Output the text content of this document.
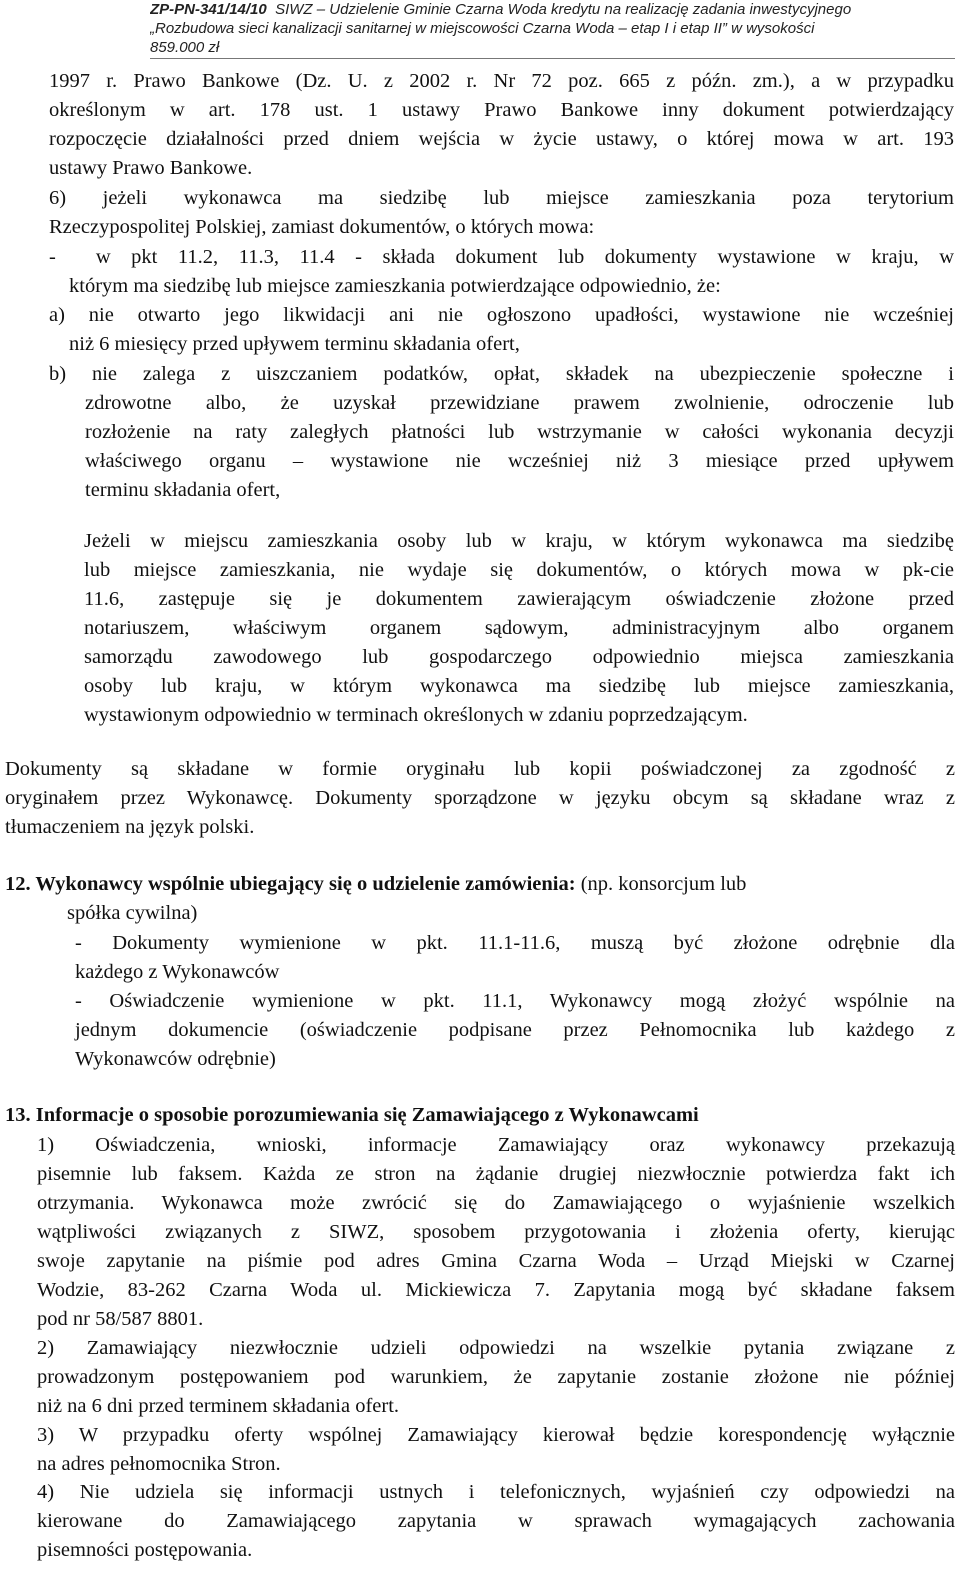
ZP-PN-341/14/10 SIWZ – Udzielenie Gminie Czarna Woda kredytu na realizację zadania inwestycyjnego
„Rozbudowa sieci kanalizacji sanitarnej w miejscowości Czarna Woda – etap I i etap II” w wysokości
859.000 zł
1997 r. Prawo Bankowe (Dz. U. z 2002 r. Nr 72 poz. 665 z późn. zm.), a w przypadku
określonym w art. 178 ust. 1 ustawy Prawo Bankowe inny dokument potwierdzający
rozpoczęcie działalności przed dniem wejścia w życie ustawy, o której mowa w art. 193
ustawy Prawo Bankowe.
6) jeżeli wykonawca ma siedzibę lub miejsce zamieszkania poza terytorium
Rzeczypospolitej Polskiej, zamiast dokumentów, o których mowa:
- w pkt 11.2, 11.3, 11.4 - składa dokument lub dokumenty wystawione w kraju, w
którym ma siedzibę lub miejsce zamieszkania potwierdzające odpowiednio, że:
a) nie otwarto jego likwidacji ani nie ogłoszono upadłości, wystawione nie wcześniej
niż 6 miesięcy przed upływem terminu składania ofert,
b) nie zalega z uiszczaniem podatków, opłat, składek na ubezpieczenie społeczne i
zdrowotne albo, że uzyskał przewidziane prawem zwolnienie, odroczenie lub
rozłożenie na raty zaległych płatności lub wstrzymanie w całości wykonania decyzji
właściwego organu – wystawione nie wcześniej niż 3 miesiące przed upływem
terminu składania ofert,
Jeżeli w miejscu zamieszkania osoby lub w kraju, w którym wykonawca ma siedzibę
lub miejsce zamieszkania, nie wydaje się dokumentów, o których mowa w pk-cie
11.6, zastępuje się je dokumentem zawierającym oświadczenie złożone przed
notariuszem, właściwym organem sądowym, administracyjnym albo organem
samorządu zawodowego lub gospodarczego odpowiednio miejsca zamieszkania
osoby lub kraju, w którym wykonawca ma siedzibę lub miejsce zamieszkania,
wystawionym odpowiednio w terminach określonych w zdaniu poprzedzającym.
Dokumenty są składane w formie oryginału lub kopii poświadczonej za zgodność z
oryginałem przez Wykonawcę. Dokumenty sporządzone w języku obcym są składane wraz z
tłumaczeniem na język polski.
12. Wykonawcy wspólnie ubiegający się o udzielenie zamówienia: (np. konsorcjum lub
spółka cywilna)
- Dokumenty wymienione w pkt. 11.1-11.6, muszą być złożone odrębnie dla
każdego z Wykonawców
- Oświadczenie wymienione w pkt. 11.1, Wykonawcy mogą złożyć wspólnie na
jednym dokumencie (oświadczenie podpisane przez Pełnomocnika lub każdego z
Wykonawców odrębnie)
13. Informacje o sposobie porozumiewania się Zamawiającego z Wykonawcami
1) Oświadczenia, wnioski, informacje Zamawiający oraz wykonawcy przekazują
pisemnie lub faksem. Każda ze stron na żądanie drugiej niezwłocznie potwierdza fakt ich
otrzymania. Wykonawca może zwrócić się do Zamawiającego o wyjaśnienie wszelkich
wątpliwości związanych z SIWZ, sposobem przygotowania i złożenia oferty, kierując
swoje zapytanie na piśmie pod adres Gmina Czarna Woda – Urząd Miejski w Czarnej
Wodzie, 83-262 Czarna Woda ul. Mickiewicza 7. Zapytania mogą być składane faksem
pod nr 58/587 8801.
2) Zamawiający niezwłocznie udzieli odpowiedzi na wszelkie pytania związane z
prowadzonym postępowaniem pod warunkiem, że zapytanie zostanie złożone nie później
niż na 6 dni przed terminem składania ofert.
3) W przypadku oferty wspólnej Zamawiający kierował będzie korespondencję wyłącznie
na adres pełnomocnika Stron.
4) Nie udziela się informacji ustnych i telefonicznych, wyjaśnień czy odpowiedzi na
kierowane do Zamawiającego zapytania w sprawach wymagających zachowania
pisemności postępowania.
